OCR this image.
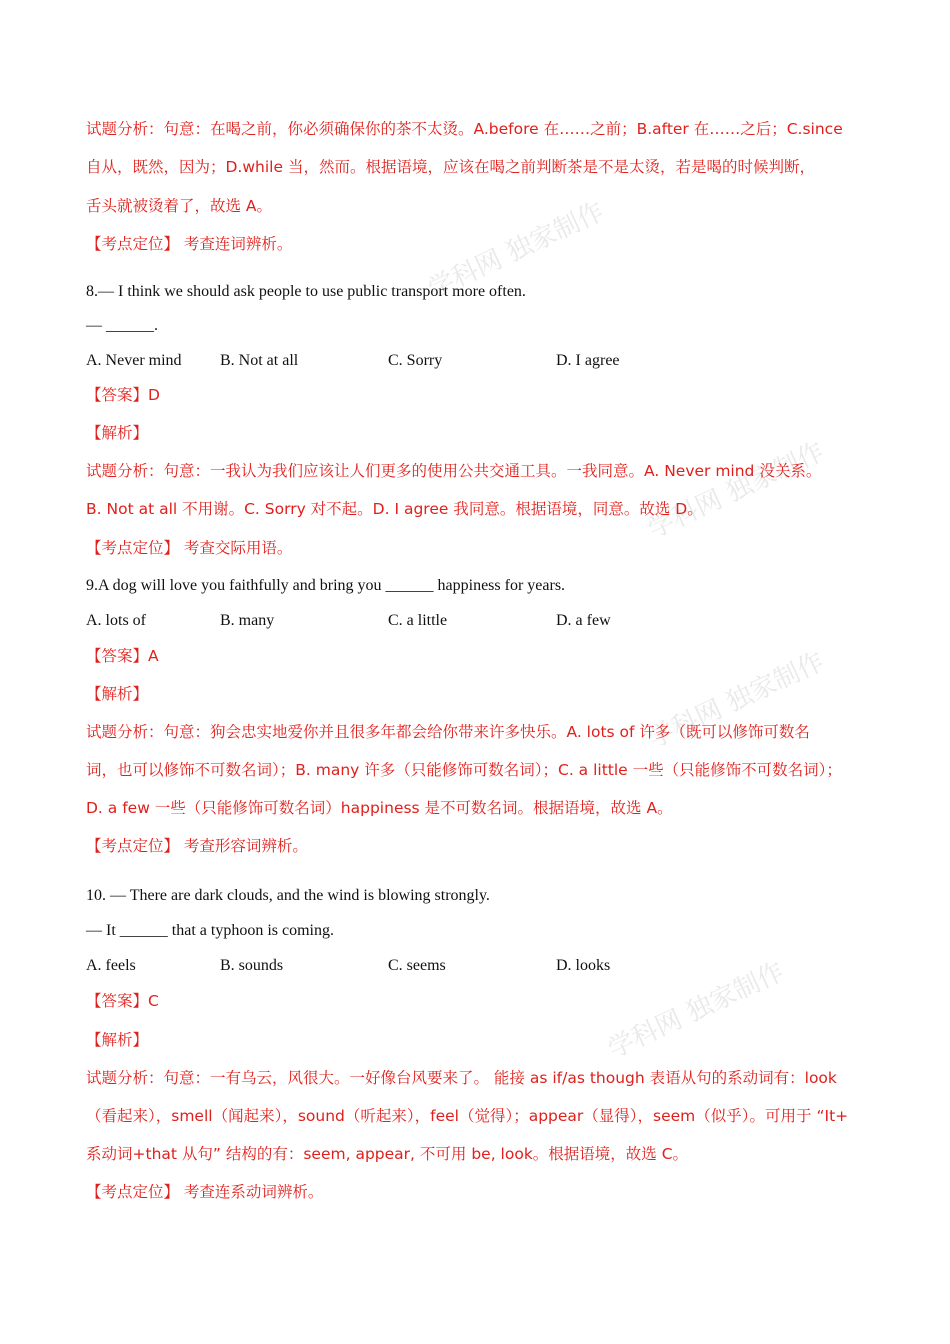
学科网 独家制作
学科网 独家制作
学科网 独家制作
学科网 独家制作
试题分析：句意：在喝之前，你必须确保你的茶不太烫。A.before 在……之前；B.after 在……之后；C.since
自从，既然，因为；D.while 当，然而。根据语境，应该在喝之前判断茶是不是太烫，若是喝的时候判断，
舌头就被烫着了，故选 A。
【考点定位】 考查连词辨析。
8.— I think we should ask people to use public transport more often.
— ______.
A. Never mind B. Not at all	C. Sorry	D. I agree
【答案】D
【解析】
试题分析：句意：一我认为我们应该让人们更多的使用公共交通工具。一我同意。A. Never mind 没关系。
B. Not at all 不用谢。C. Sorry 对不起。D. I agree 我同意。根据语境，同意。故选 D。
【考点定位】 考查交际用语。
9.A dog will love you faithfully and bring you ______ happiness for years.
A. lots of	B. many	C. a little	D. a few
【答案】A
【解析】
试题分析：句意：狗会忠实地爱你并且很多年都会给你带来许多快乐。A. lots of 许多（既可以修饰可数名
词，也可以修饰不可数名词）；B. many 许多（只能修饰可数名词）；C. a little 一些（只能修饰不可数名词）；
D. a few 一些（只能修饰可数名词）happiness 是不可数名词。根据语境，故选 A。
【考点定位】 考查形容词辨析。
10. — There are dark clouds, and the wind is blowing strongly.
— It ______ that a typhoon is coming.
A. feels	B. sounds	C. seems	D. looks
【答案】C
【解析】
试题分析：句意：一有乌云，风很大。一好像台风要来了。 能接 as if/as though 表语从句的系动词有：look
（看起来），smell（闻起来），sound（听起来），feel（觉得）；appear（显得），seem（似乎）。可用于 “It+
系动词+that 从句” 结构的有：seem, appear, 不可用 be, look。根据语境，故选 C。
【考点定位】 考查连系动词辨析。
